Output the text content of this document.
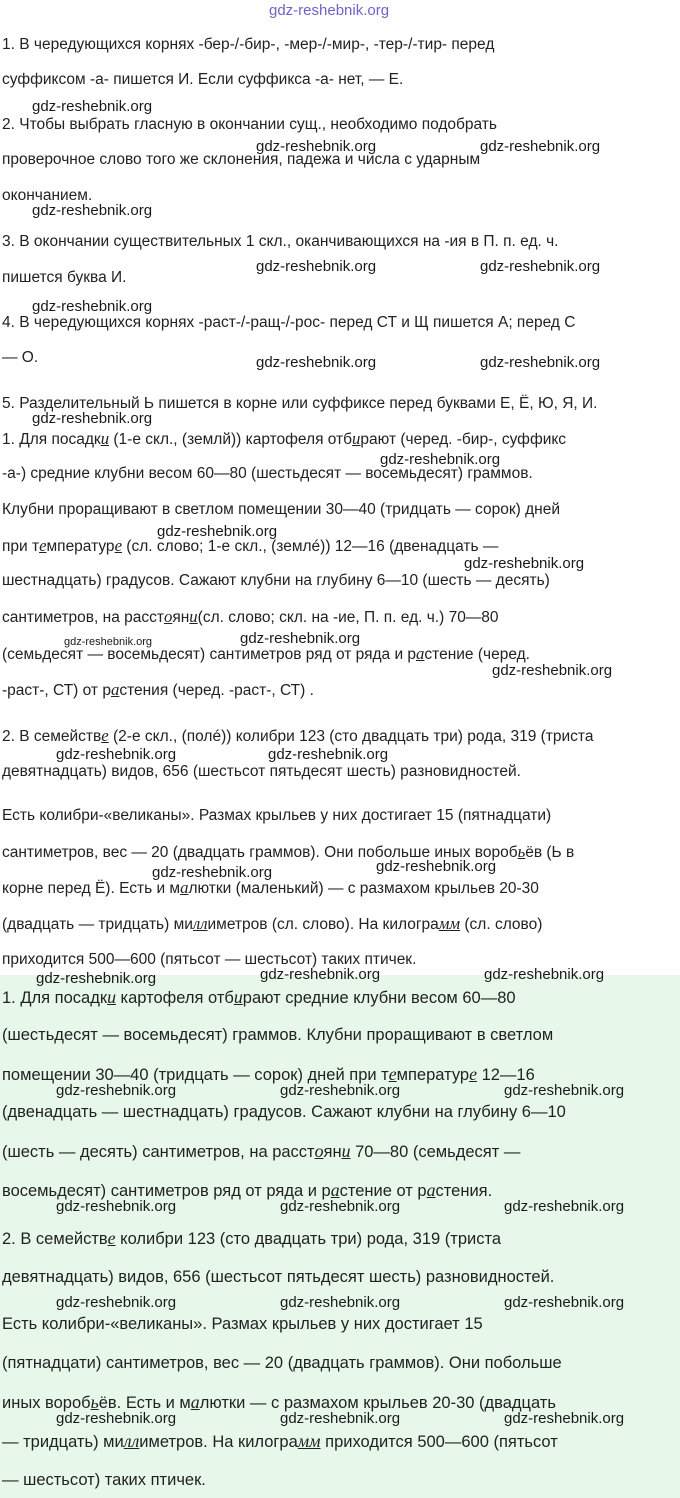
gdz-reshebnik.org
1. В чередующихся корнях -бер-/-бир-, -мер-/-мир-, -тер-/-тир- перед
суффиксом -а- пишется И. Если суффикса -а- нет, — Е.
2. Чтобы выбрать гласную в окончании сущ., необходимо подобрать
проверочное слово того же склонения, падежа и числа с ударным
окончанием.
3. В окончании существительных 1 скл., оканчивающихся на -ия в П. п. ед. ч.
пишется буква И.
4. В чередующихся корнях -раст-/-ращ-/-рос- перед СТ и Щ пишется А; перед С
— О.
5. Разделительный Ь пишется в корне или суффиксе перед буквами Е, Ё, Ю, Я, И.
1. Для посадки (1-е скл., (землй)) картофеля отбирают (черед. -бир-, суффикс
-а-) средние клубни весом 60—80 (шестьдесят — восемьдесят) граммов.
Клубни проращивают в светлом помещении 30—40 (тридцать — сорок) дней
при температуре (сл. слово; 1-е скл., (землé)) 12—16 (двенадцать —
шестнадцать) градусов. Сажают клубни на глубину 6—10 (шесть — десять)
сантиметров, на расстояни(сл. слово; скл. на -ие, П. п. ед. ч.) 70—80
(семьдесят — восемьдесят) сантиметров ряд от ряда и растение (черед.
-раст-, СТ) от растения (черед. -раст-, СТ) .
2. В семействе (2-е скл., (полé)) колибри 123 (сто двадцать три) рода, 319 (триста
девятнадцать) видов, 656 (шестьсот пятьдесят шесть) разновидностей.
Есть колибри-«великаны». Размах крыльев у них достигает 15 (пятнадцати)
сантиметров, вес — 20 (двадцать граммов). Они побольше иных воробьёв (Ь в
корне перед Ё). Есть и малютки (маленький) — с размахом крыльев 20-30
(двадцать — тридцать) миллиметров (сл. слово). На килограмм (сл. слово)
приходится 500—600 (пятьсот — шестьсот) таких птичек.
1. Для посадки картофеля отбирают средние клубни весом 60—80
(шестьдесят — восемьдесят) граммов. Клубни проращивают в светлом
помещении 30—40 (тридцать — сорок) дней при температуре 12—16
(двенадцать — шестнадцать) градусов. Сажают клубни на глубину 6—10
(шесть — десять) сантиметров, на расстояни 70—80 (семьдесят —
восемьдесят) сантиметров ряд от ряда и растение от растения.
2. В семействе колибри 123 (сто двадцать три) рода, 319 (триста
девятнадцать) видов, 656 (шестьсот пятьдесят шесть) разновидностей.
Есть колибри-«великаны». Размах крыльев у них достигает 15
(пятнадцати) сантиметров, вес — 20 (двадцать граммов). Они побольше
иных воробьёв. Есть и малютки — с размахом крыльев 20-30 (двадцать
— тридцать) миллиметров. На килограмм приходится 500—600 (пятьсот
— шестьсот) таких птичек.
gdz-reshebnik.org
gdz-reshebnik.org	gdz-reshebnik.org
gdz-reshebnik.org
gdz-reshebnik.org	gdz-reshebnik.org
gdz-reshebnik.org
gdz-reshebnik.org	gdz-reshebnik.org
gdz-reshebnik.org
gdz-reshebnik.org
gdz-reshebnik.org
gdz-reshebnik.org
gdz-reshebnik.org	gdz-reshebnik.org
gdz-reshebnik.org
gdz-reshebnik.org	gdz-reshebnik.org
gdz-reshebnik.org
gdz-reshebnik.org
gdz-reshebnik.org	gdz-reshebnik.org	gdz-reshebnik.org
gdz-reshebnik.org	gdz-reshebnik.org	gdz-reshebnik.org
gdz-reshebnik.org	gdz-reshebnik.org	gdz-reshebnik.org
gdz-reshebnik.org	gdz-reshebnik.org	gdz-reshebnik.org
gdz-reshebnik.org	gdz-reshebnik.org	gdz-reshebnik.org
